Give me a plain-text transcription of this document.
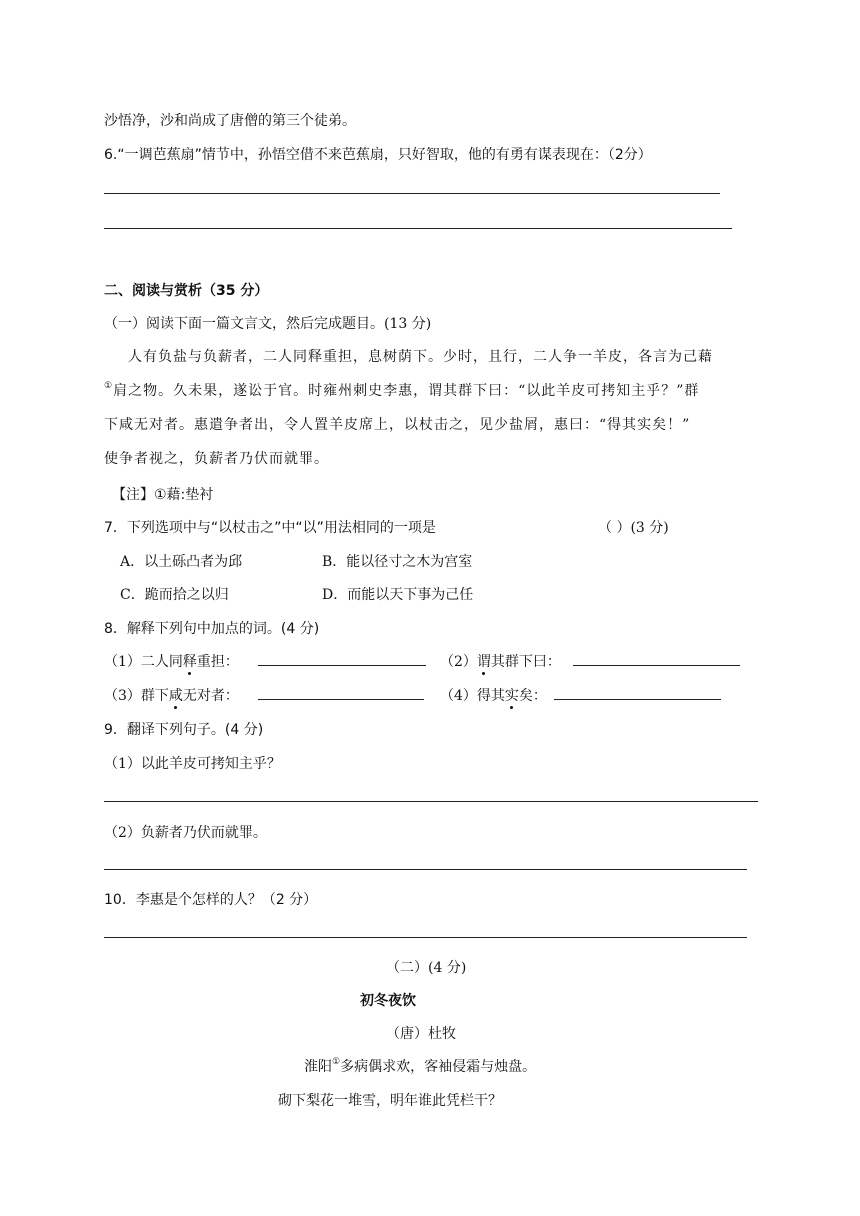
沙悟净，沙和尚成了唐僧的第三个徒弟。
6.“一调芭蕉扇”情节中，孙悟空借不来芭蕉扇，只好智取，他的有勇有谋表现在：（2分）
二、阅读与赏析（35 分）
（一）阅读下面一篇文言文，然后完成题目。(13 分)
人有负盐与负薪者，二人同释重担，息树荫下。少时，且行，二人争一羊皮，各言为己藉
①肩之物。久未果，遂讼于官。时雍州刺史李惠，谓其群下曰：“以此羊皮可拷知主乎？”群
下咸无对者。惠遣争者出，令人置羊皮席上，以杖击之，见少盐屑，惠曰：“得其实矣！”
使争者视之，负薪者乃伏而就罪。
【注】①藉:垫衬
7．下列选项中与“以杖击之”中“以”用法相同的一项是	（ ）(3 分)
A．以土砾凸者为邱	B．能以径寸之木为宫室
C．跪而拾之以归	D．而能以天下事为己任
8．解释下列句中加点的词。(4 分)
（1）二人同释重担：	（2）谓其群下曰：
（3）群下咸无对者：	（4）得其实矣：
9．翻译下列句子。(4 分)
（1）以此羊皮可拷知主乎？
（2）负薪者乃伏而就罪。
10．李惠是个怎样的人？（2 分）
（二）(4 分)
初冬夜饮
（唐）杜牧
淮阳①多病偶求欢，客袖侵霜与烛盘。
砌下梨花一堆雪，明年谁此凭栏干？
